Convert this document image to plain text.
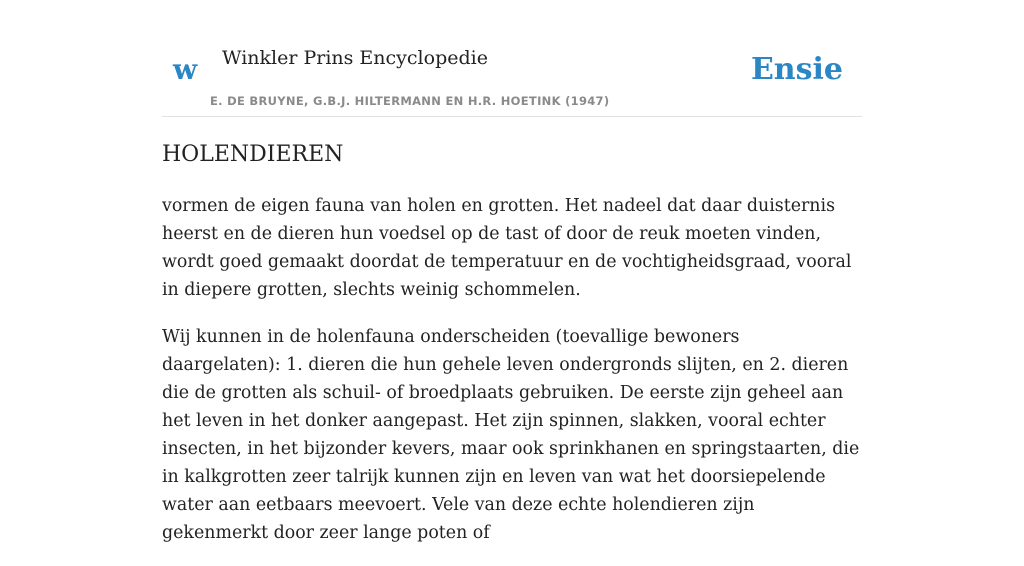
w Winkler Prins Encyclopedie
E. DE BRUYNE, G.B.J. HILTERMANN EN H.R. HOETINK (1947)
Ensie
HOLENDIEREN

vormen de eigen fauna van holen en grotten. Het nadeel dat daar duisternis heerst en de dieren hun voedsel op de tast of door de reuk moeten vinden, wordt goed gemaakt doordat de temperatuur en de vochtigheidsgraad, vooral in diepere grotten, slechts weinig schommelen.

Wij kunnen in de holenfauna onderscheiden (toevallige bewoners daargelaten): 1. dieren die hun gehele leven ondergronds slijten, en 2. dieren die de grotten als schuil- of broedplaats gebruiken. De eerste zijn geheel aan het leven in het donker aangepast. Het zijn spinnen, slakken, vooral echter insecten, in het bijzonder kevers, maar ook sprinkhanen en springstaarten, die in kalkgrotten zeer talrijk kunnen zijn en leven van wat het doorsiepelende water aan eetbaars meevoert. Vele van deze echte holendieren zijn gekenmerkt door zeer lange poten of
